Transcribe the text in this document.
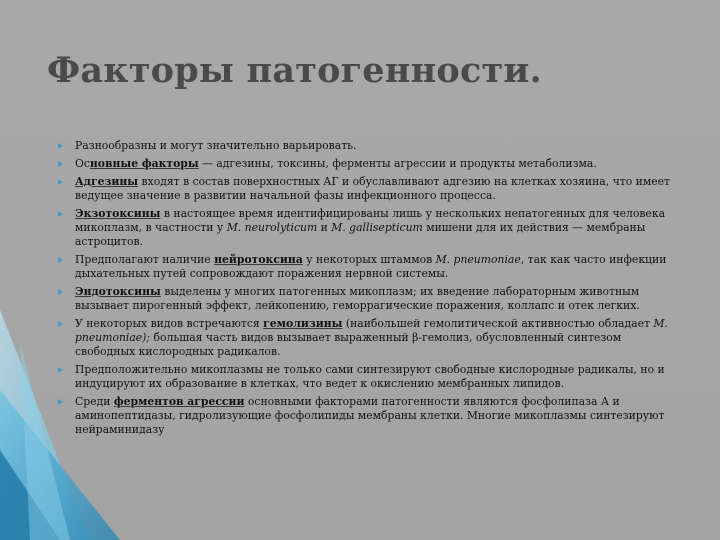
Факторы патогенности.
Разнообразны и могут значительно варьировать.
Основные факторы — адгезины, токсины, ферменты агрессии и продукты метаболизма.
Адгезины входят в состав поверхностных АГ и обуславливают адгезию на клетках хозяина, что имеет ведущее значение в развитии начальной фазы инфекционного процесса.
Экзотоксины в настоящее время идентифицированы лишь у нескольких непатогенных для человека микоплазм, в частности у M. neurolyticum и M. gallisepticum мишени для их действия — мембраны астроцитов.
Предполагают наличие нейротоксина у некоторых штаммов M. pneumoniae, так как часто инфекции дыхательных путей сопровождают поражения нервной системы.
Эндотоксины выделены у многих патогенных микоплазм; их введение лабораторным животным вызывает пирогенный эффект, лейкопению, геморрагические поражения, коллапс и отек легких.
У некоторых видов встречаются гемолизины (наибольшей гемолитической активностью обладает M. pneumoniae); большая часть видов вызывает выраженный β-гемолиз, обусловленный синтезом свободных кислородных радикалов.
Предположительно микоплазмы не только сами синтезируют свободные кислородные радикалы, но и индуцируют их образование в клетках, что ведет к окислению мембранных липидов.
Среди ферментов агрессии основными факторами патогенности являются фосфолипаза А и аминопептидазы, гидролизующие фосфолипиды мембраны клетки. Многие микоплазмы синтезируют нейраминидазу
